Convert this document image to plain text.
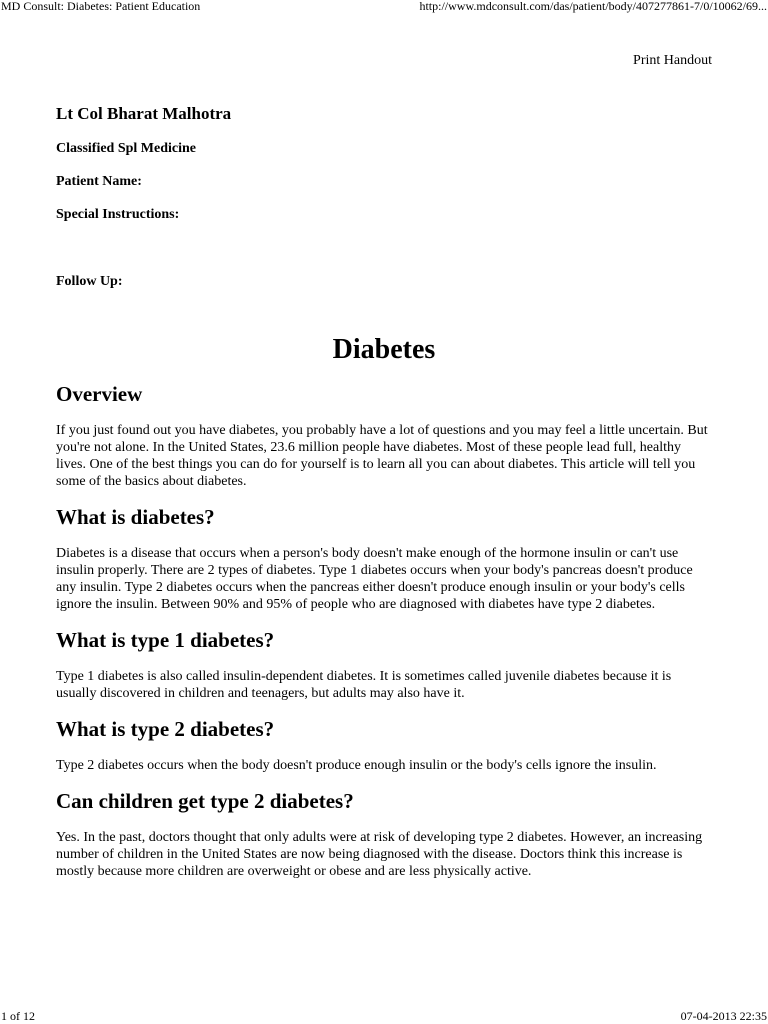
MD Consult: Diabetes: Patient Education	http://www.mdconsult.com/das/patient/body/407277861-7/0/10062/69...
Print Handout
Lt Col Bharat Malhotra
Classified Spl Medicine
Patient Name:
Special Instructions:
Follow Up:
Diabetes
Overview

If you just found out you have diabetes, you probably have a lot of questions and you may feel a little uncertain. But you're not alone. In the United States, 23.6 million people have diabetes. Most of these people lead full, healthy lives. One of the best things you can do for yourself is to learn all you can about diabetes. This article will tell you some of the basics about diabetes.

What is diabetes?

Diabetes is a disease that occurs when a person's body doesn't make enough of the hormone insulin or can't use insulin properly. There are 2 types of diabetes. Type 1 diabetes occurs when your body's pancreas doesn't produce any insulin. Type 2 diabetes occurs when the pancreas either doesn't produce enough insulin or your body's cells ignore the insulin. Between 90% and 95% of people who are diagnosed with diabetes have type 2 diabetes.

What is type 1 diabetes?

Type 1 diabetes is also called insulin-dependent diabetes. It is sometimes called juvenile diabetes because it is usually discovered in children and teenagers, but adults may also have it.

What is type 2 diabetes?

Type 2 diabetes occurs when the body doesn't produce enough insulin or the body's cells ignore the insulin.

Can children get type 2 diabetes?

Yes. In the past, doctors thought that only adults were at risk of developing type 2 diabetes. However, an increasing number of children in the United States are now being diagnosed with the disease. Doctors think this increase is mostly because more children are overweight or obese and are less physically active.

1 of 12	07-04-2013 22:35
